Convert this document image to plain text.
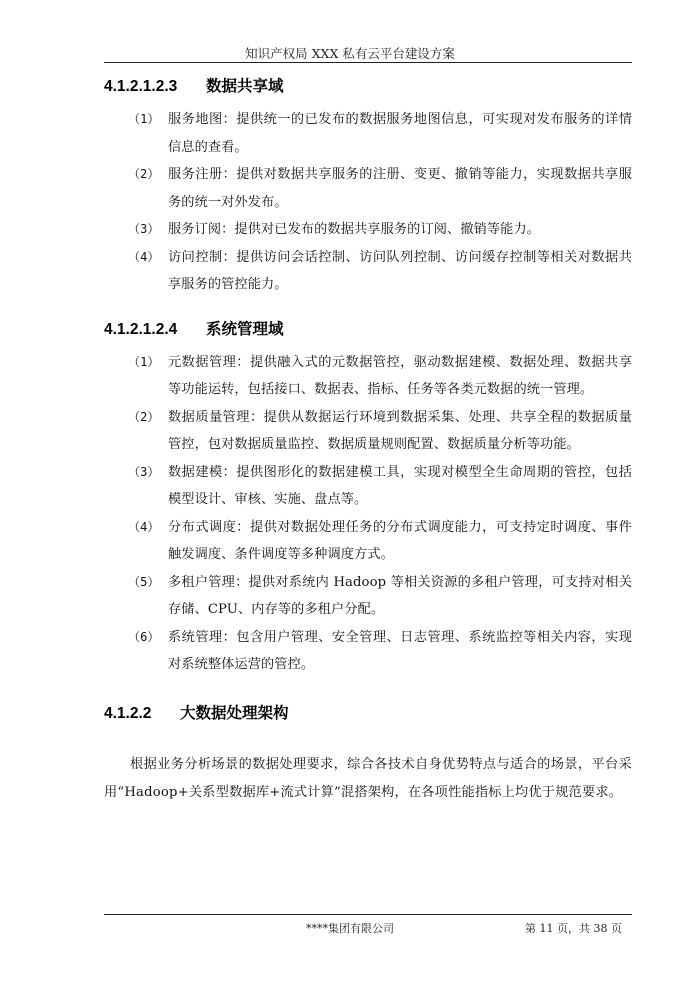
知识产权局 XXX 私有云平台建设方案
4.1.2.1.2.3 数据共享域
（1） 服务地图：提供统一的已发布的数据服务地图信息，可实现对发布服务的详情信息的查看。
（2） 服务注册：提供对数据共享服务的注册、变更、撤销等能力，实现数据共享服务的统一对外发布。
（3） 服务订阅：提供对已发布的数据共享服务的订阅、撤销等能力。
（4） 访问控制：提供访问会话控制、访问队列控制、访问缓存控制等相关对数据共享服务的管控能力。
4.1.2.1.2.4 系统管理域
（1） 元数据管理：提供融入式的元数据管控，驱动数据建模、数据处理、数据共享等功能运转，包括接口、数据表、指标、任务等各类元数据的统一管理。
（2） 数据质量管理：提供从数据运行环境到数据采集、处理、共享全程的数据质量管控，包对数据质量监控、数据质量规则配置、数据质量分析等功能。
（3） 数据建模：提供图形化的数据建模工具，实现对模型全生命周期的管控，包括模型设计、审核、实施、盘点等。
（4） 分布式调度：提供对数据处理任务的分布式调度能力，可支持定时调度、事件触发调度、条件调度等多种调度方式。
（5） 多租户管理：提供对系统内 Hadoop 等相关资源的多租户管理，可支持对相关存储、CPU、内存等的多租户分配。
（6） 系统管理：包含用户管理、安全管理、日志管理、系统监控等相关内容，实现对系统整体运营的管控。
4.1.2.2 大数据处理架构

根据业务分析场景的数据处理要求，综合各技术自身优势特点与适合的场景，平台采用“Hadoop+关系型数据库+流式计算”混搭架构，在各项性能指标上均优于规范要求。

****集团有限公司	第 11 页，共 38 页
